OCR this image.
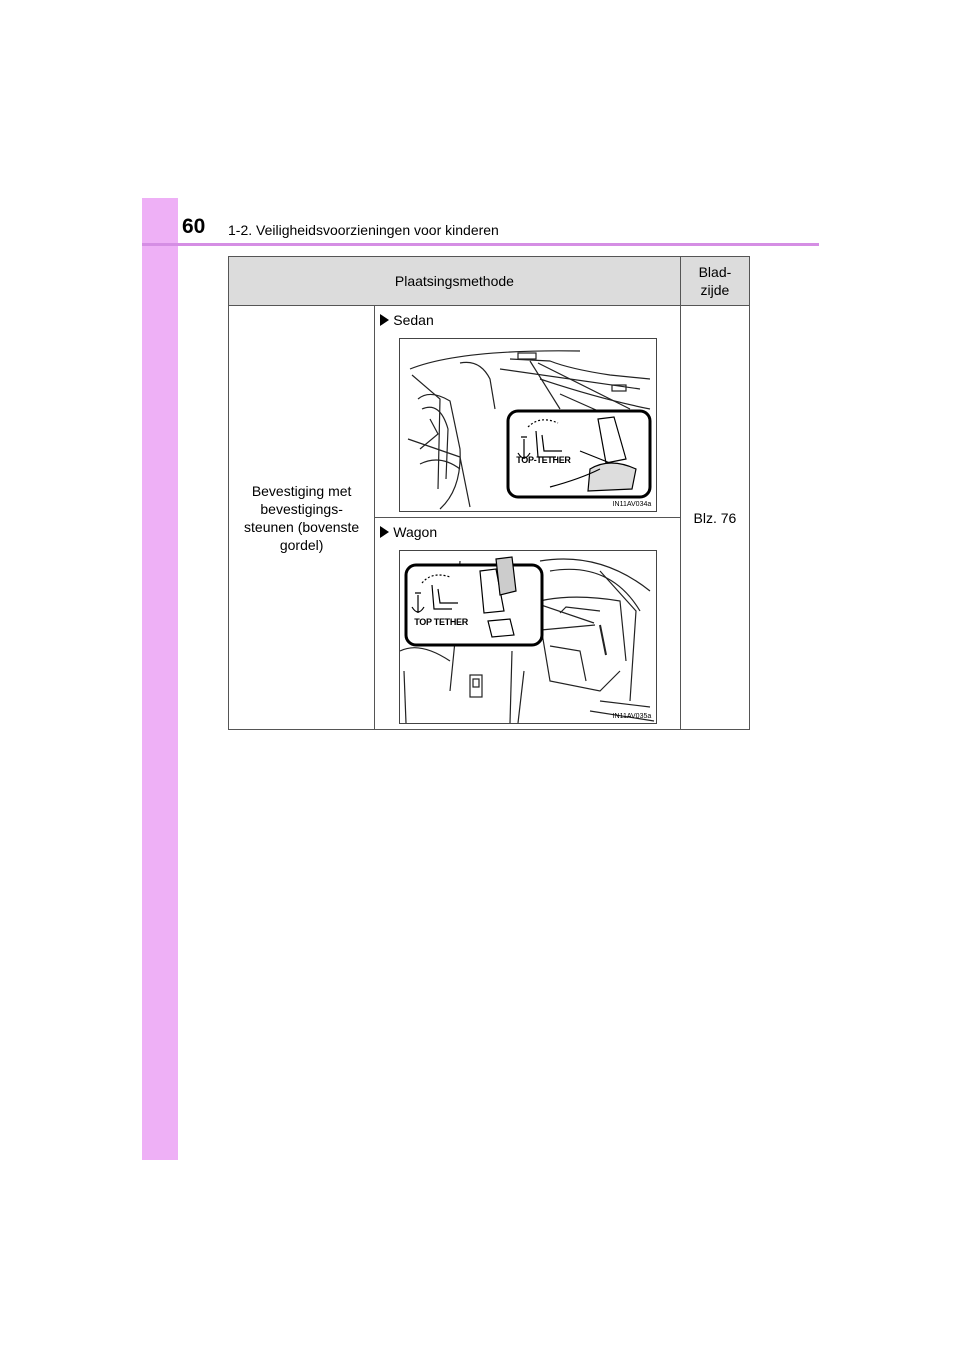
60 1-2. Veiligheidsvoorzieningen voor kinderen
Plaatsingsmethode		Blad- zijde

Bevestiging met bevestigings- steunen (bovenste gordel)	Sedan
TOP-TETHER
IN11AV034a	Blz. 76

	Wagon
TOP TETHER
IN11AV035a	
